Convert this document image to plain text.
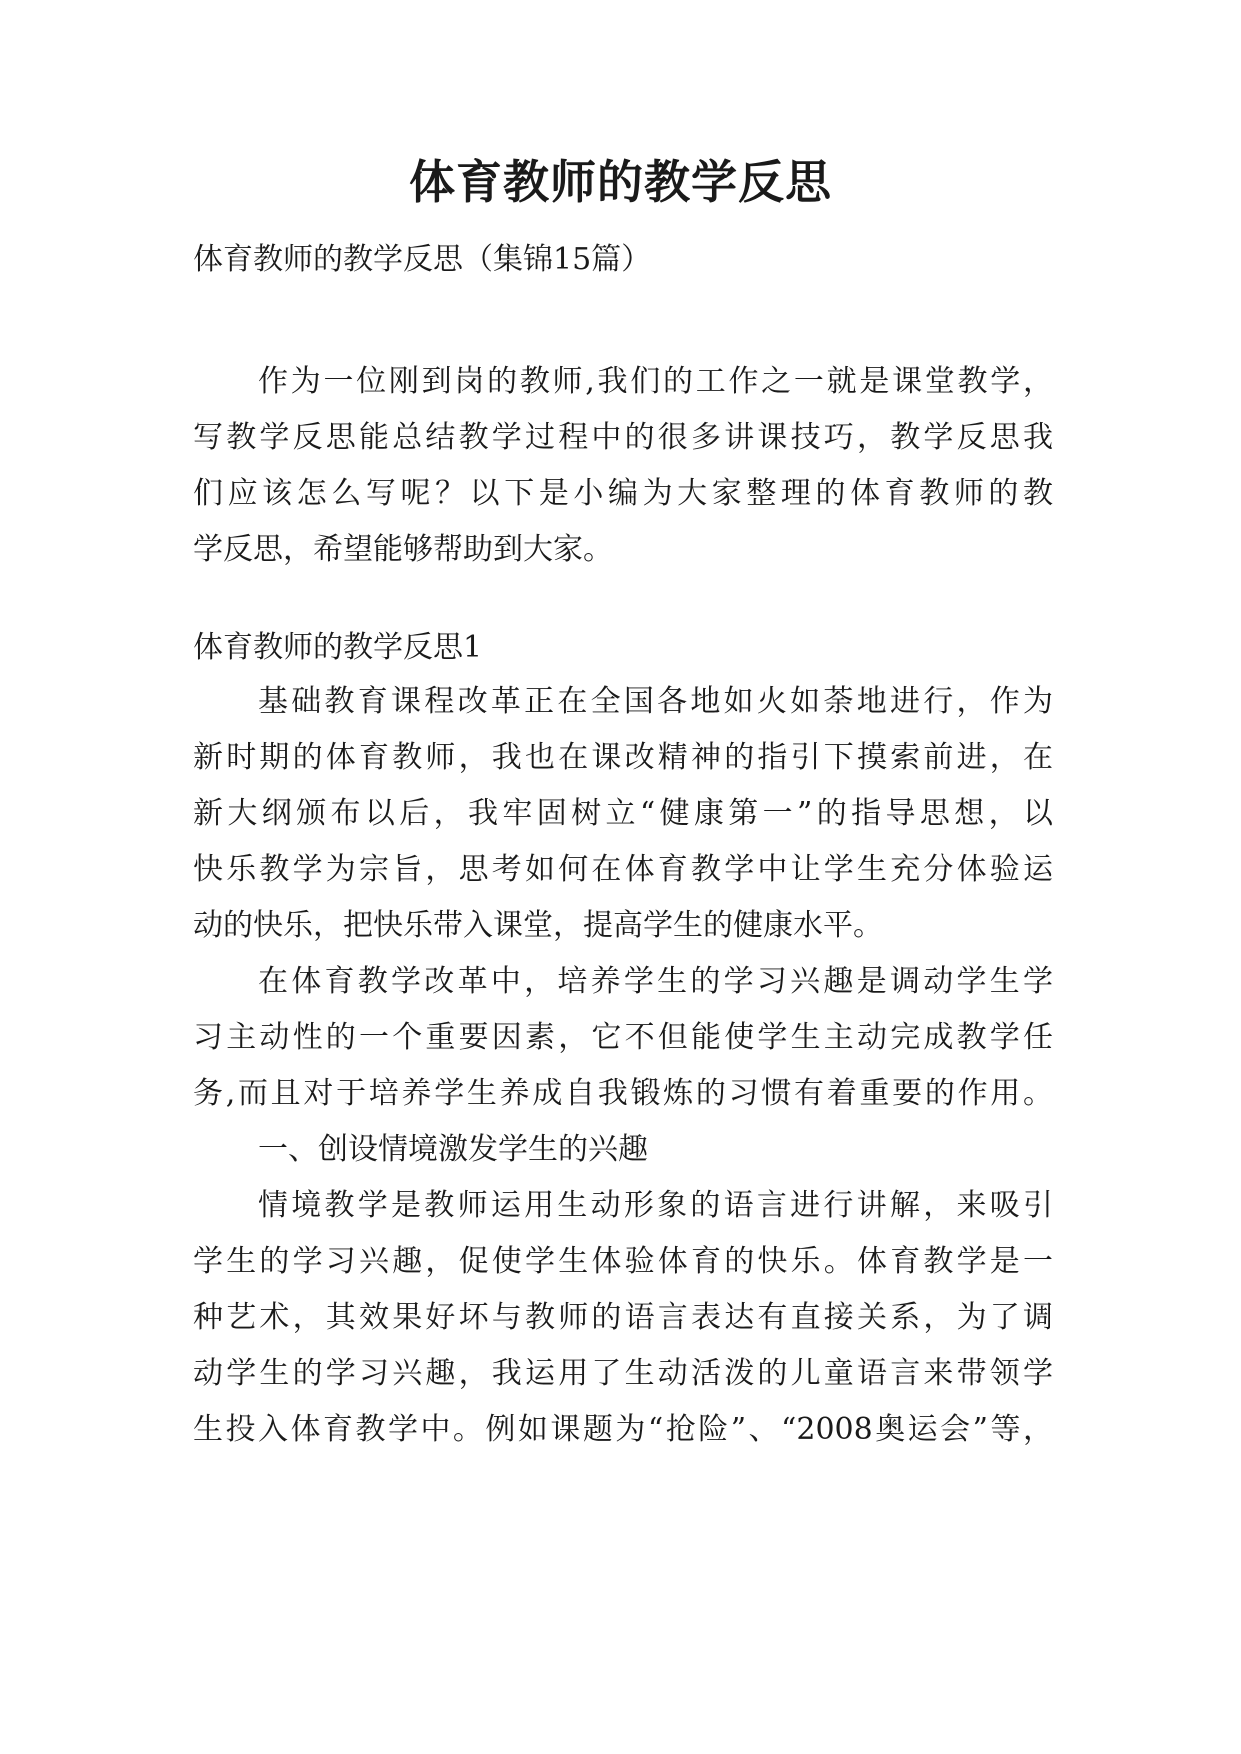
体育教师的教学反思

体育教师的教学反思（集锦15篇）

作为一位刚到岗的教师,我们的工作之一就是课堂教学，

写教学反思能总结教学过程中的很多讲课技巧，教学反思我

们应该怎么写呢？以下是小编为大家整理的体育教师的教

学反思，希望能够帮助到大家。

体育教师的教学反思1

基础教育课程改革正在全国各地如火如荼地进行，作为

新时期的体育教师，我也在课改精神的指引下摸索前进，在

新大纲颁布以后，我牢固树立“健康第一”的指导思想，以

快乐教学为宗旨，思考如何在体育教学中让学生充分体验运

动的快乐，把快乐带入课堂，提高学生的健康水平。

在体育教学改革中，培养学生的学习兴趣是调动学生学

习主动性的一个重要因素，它不但能使学生主动完成教学任

务,而且对于培养学生养成自我锻炼的习惯有着重要的作用。

一、创设情境激发学生的兴趣

情境教学是教师运用生动形象的语言进行讲解，来吸引

学生的学习兴趣，促使学生体验体育的快乐。体育教学是一

种艺术，其效果好坏与教师的语言表达有直接关系，为了调

动学生的学习兴趣，我运用了生动活泼的儿童语言来带领学

生投入体育教学中。例如课题为“抢险”、“2008奥运会”等，
